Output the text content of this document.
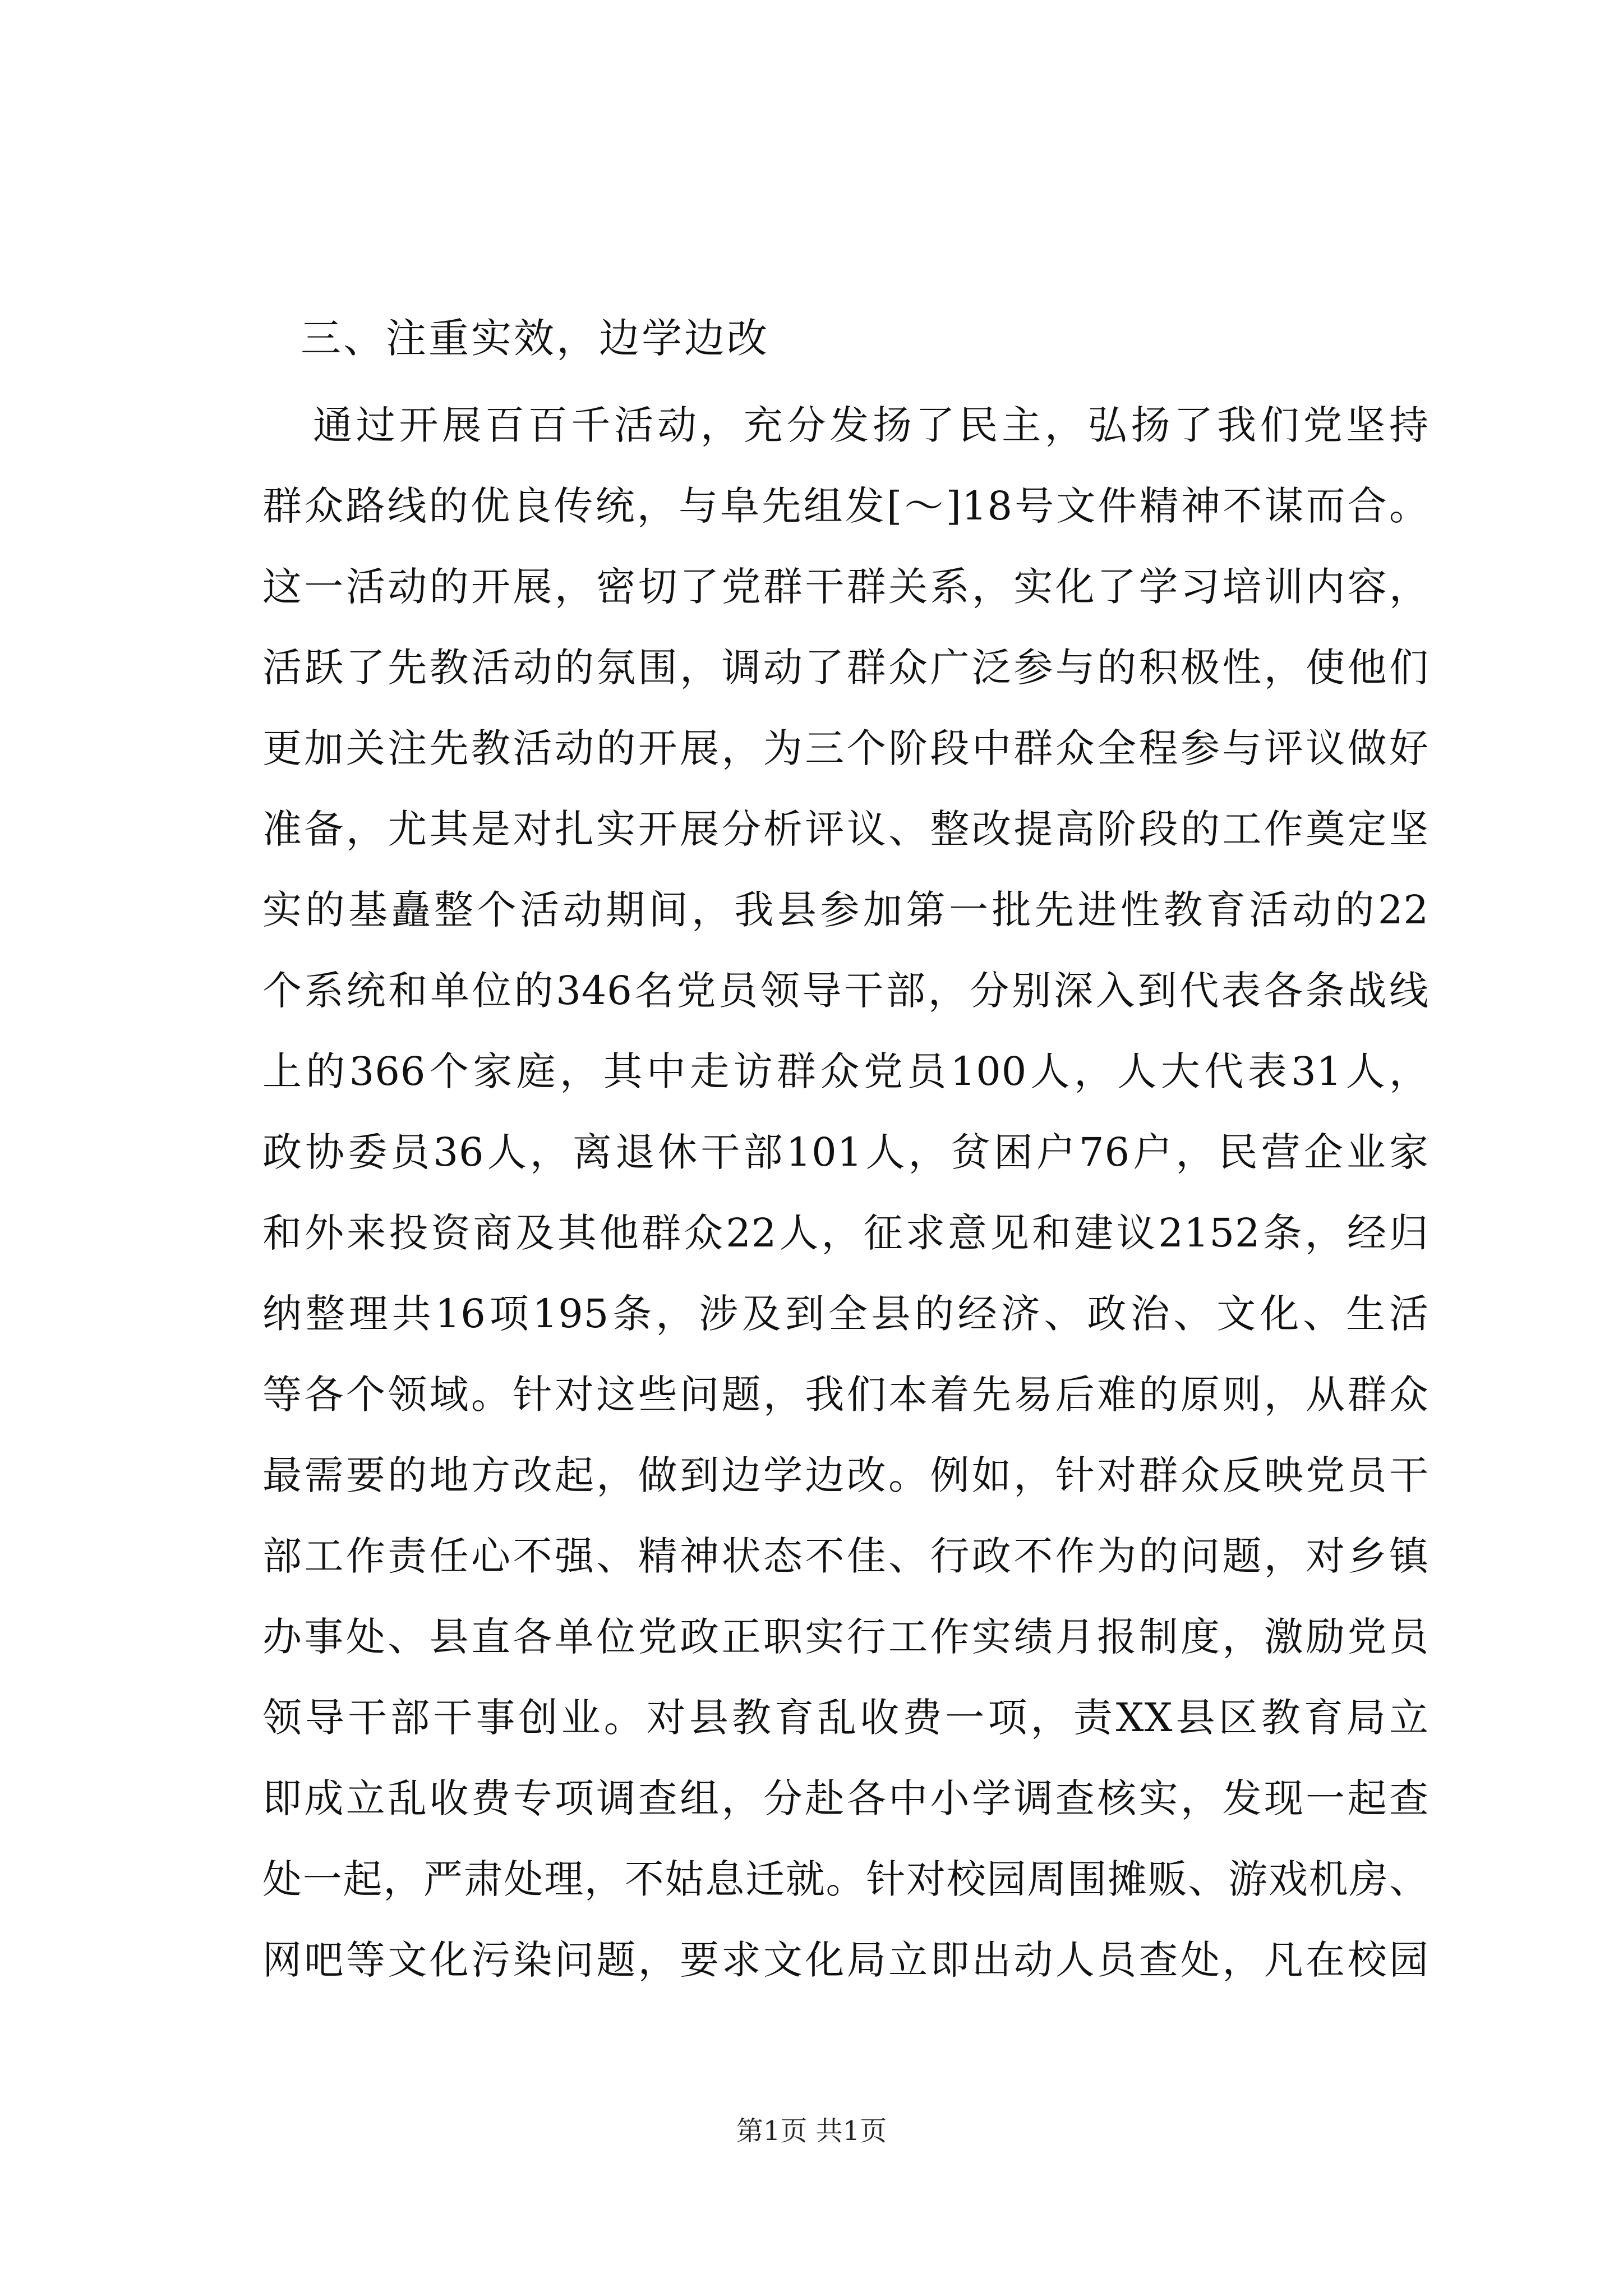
三、注重实效，边学边改
通过开展百百千活动，充分发扬了民主，弘扬了我们党坚持
群众路线的优良传统，与阜先组发[～]18号文件精神不谋而合。
这一活动的开展，密切了党群干群关系，实化了学习培训内容，
活跃了先教活动的氛围，调动了群众广泛参与的积极性，使他们
更加关注先教活动的开展，为三个阶段中群众全程参与评议做好
准备，尤其是对扎实开展分析评议、整改提高阶段的工作奠定坚
实的基矗整个活动期间，我县参加第一批先进性教育活动的22
个系统和单位的346名党员领导干部，分别深入到代表各条战线
上的366个家庭，其中走访群众党员100人，人大代表31人，
政协委员36人，离退休干部101人，贫困户76户，民营企业家
和外来投资商及其他群众22人，征求意见和建议2152条，经归
纳整理共16项195条，涉及到全县的经济、政治、文化、生活
等各个领域。针对这些问题，我们本着先易后难的原则，从群众
最需要的地方改起，做到边学边改。例如，针对群众反映党员干
部工作责任心不强、精神状态不佳、行政不作为的问题，对乡镇
办事处、县直各单位党政正职实行工作实绩月报制度，激励党员
领导干部干事创业。对县教育乱收费一项，责XX县区教育局立
即成立乱收费专项调查组，分赴各中小学调查核实，发现一起查
处一起，严肃处理，不姑息迁就。针对校园周围摊贩、游戏机房、
网吧等文化污染问题，要求文化局立即出动人员查处，凡在校园
第1页 共1页
